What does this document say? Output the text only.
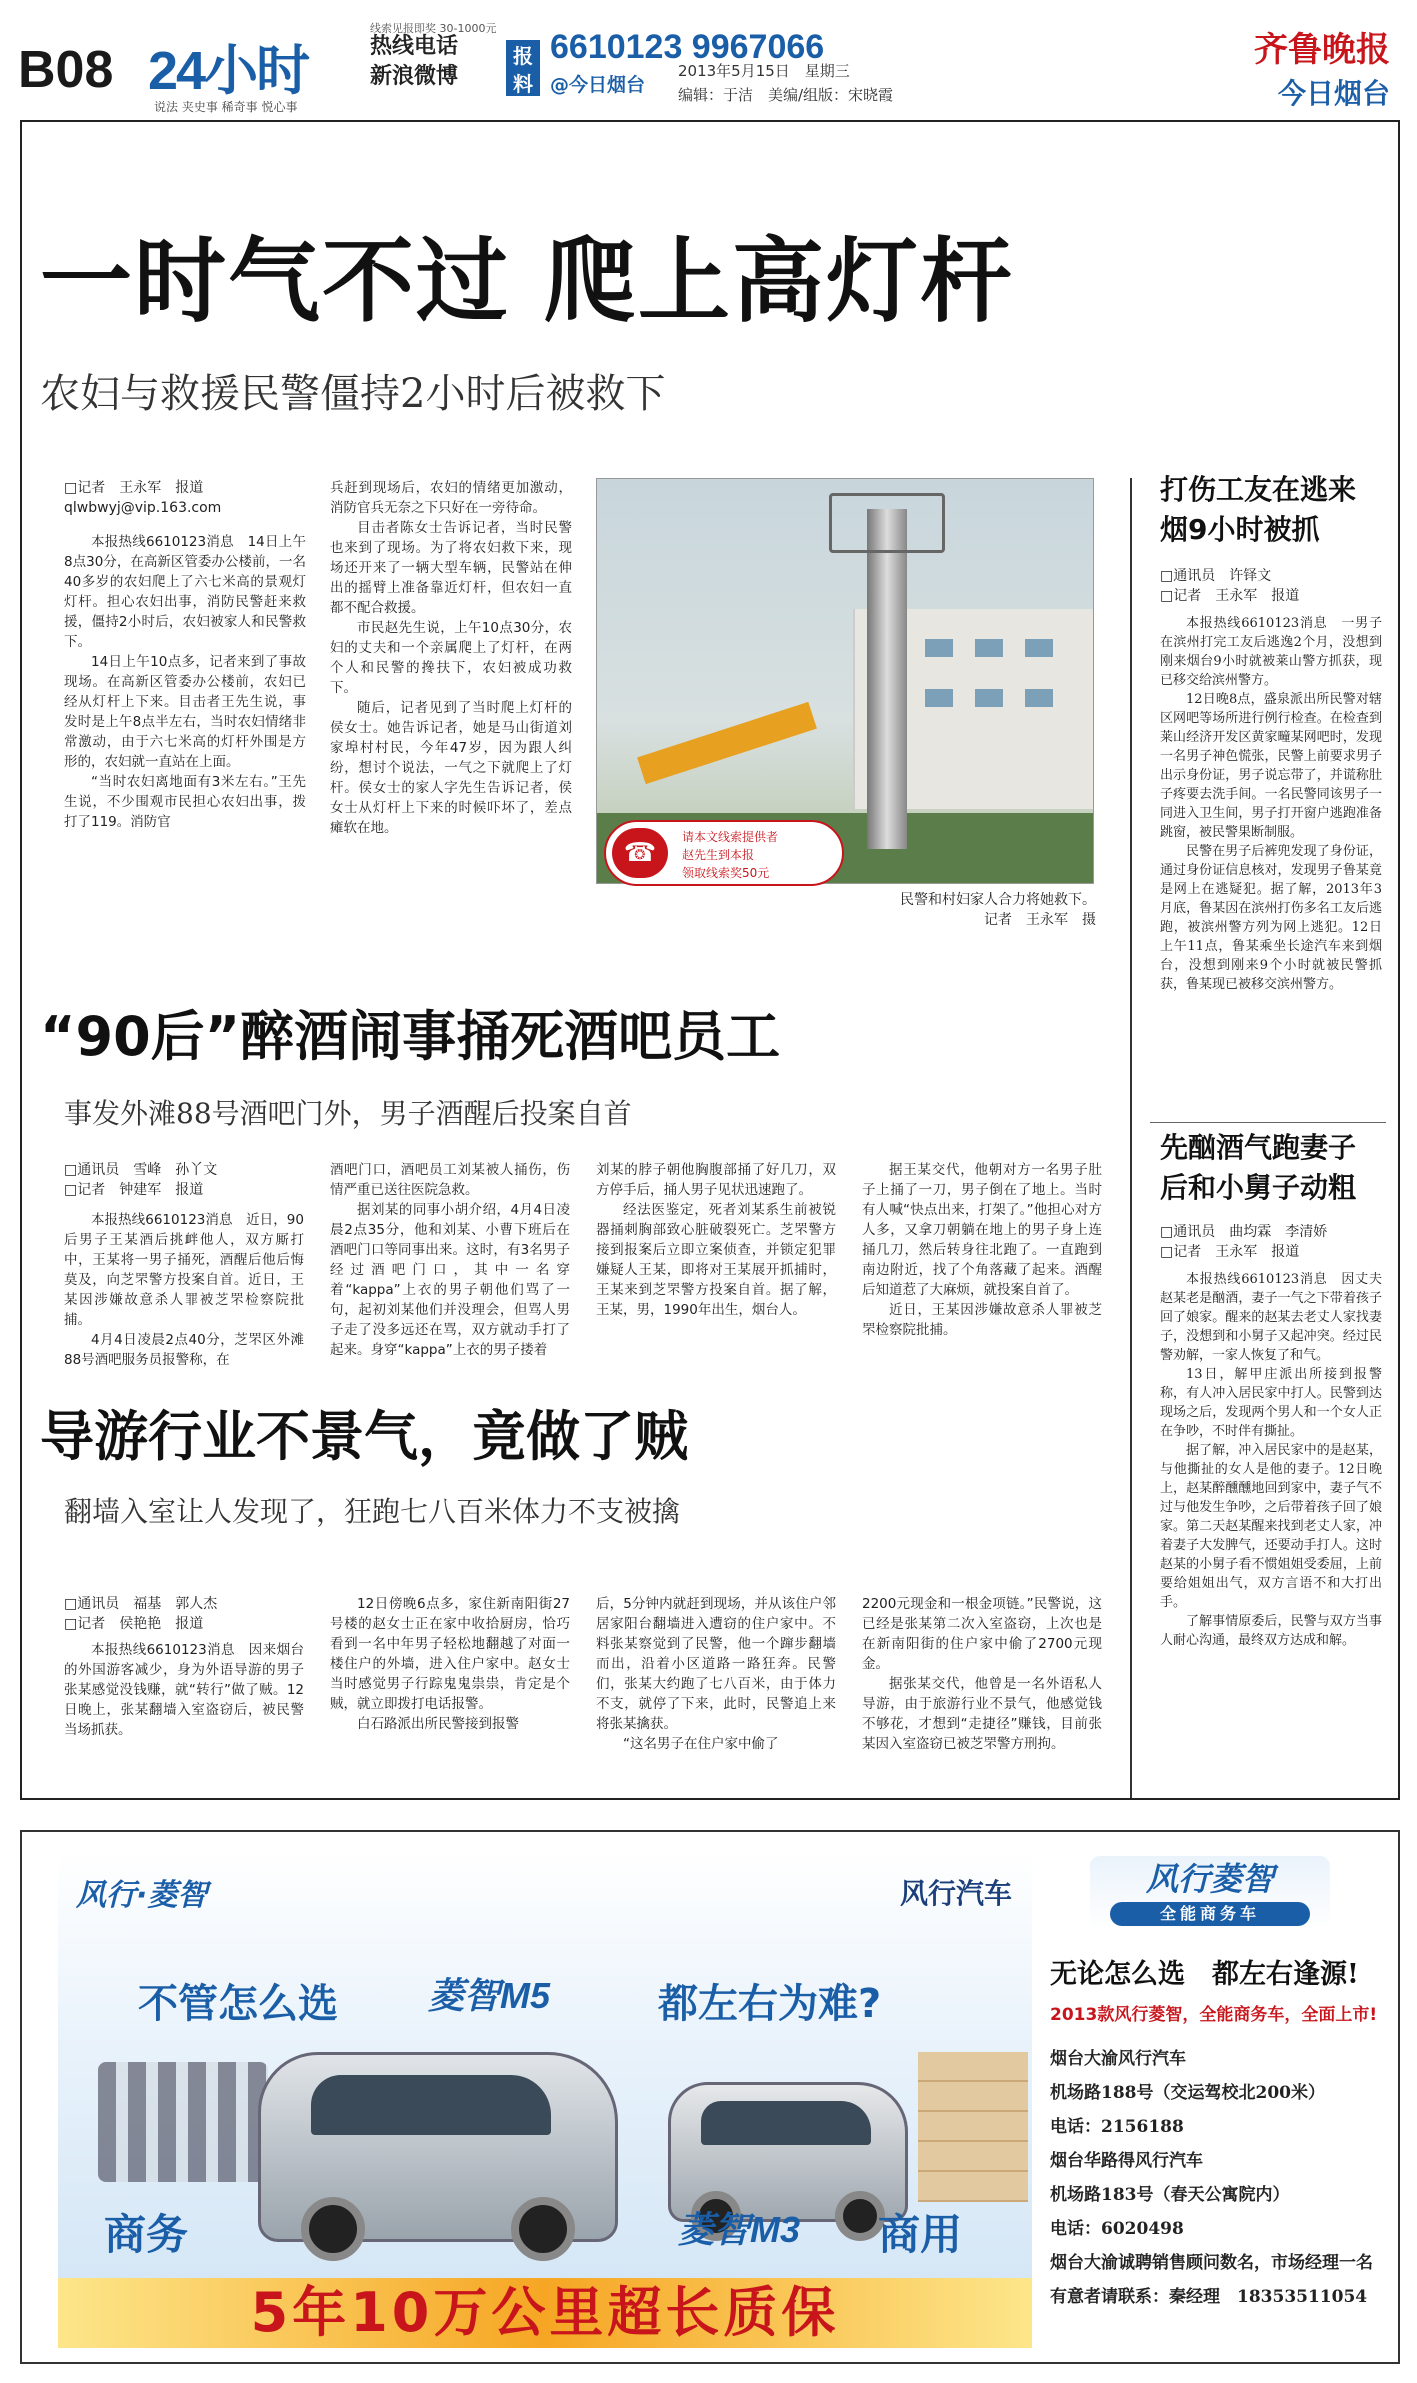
B08 24小时
说法 夹史事 稀奇事 悦心事
线索见报即奖 30-1000元
热线电话
新浪微博
报料
6610123 9967066
@今日烟台
2013年5月15日　星期三
编辑：于洁　美编/组版：宋晓霞
齐鲁晚报
今日烟台
一时气不过 爬上高灯杆
农妇与救援民警僵持2小时后被救下
□记者　王永军　报道
qlwbwyj@vip.163.com

本报热线6610123消息　14日上午8点30分，在高新区管委办公楼前，一名40多岁的农妇爬上了六七米高的景观灯灯杆。担心农妇出事，消防民警赶来救援，僵持2小时后，农妇被家人和民警救下。

14日上午10点多，记者来到了事故现场。在高新区管委办公楼前，农妇已经从灯杆上下来。目击者王先生说，事发时是上午8点半左右，当时农妇情绪非常激动，由于六七米高的灯杆外围是方形的，农妇就一直站在上面。

“当时农妇离地面有3米左右。”王先生说，不少围观市民担心农妇出事，拨打了119。消防官

兵赶到现场后，农妇的情绪更加激动，消防官兵无奈之下只好在一旁待命。

目击者陈女士告诉记者，当时民警也来到了现场。为了将农妇救下来，现场还开来了一辆大型车辆，民警站在伸出的摇臂上准备靠近灯杆，但农妇一直都不配合救援。

市民赵先生说，上午10点30分，农妇的丈夫和一个亲属爬上了灯杆，在两个人和民警的搀扶下，农妇被成功救下。

随后，记者见到了当时爬上灯杆的侯女士。她告诉记者，她是马山街道刘家埠村村民，今年47岁，因为跟人纠纷，想讨个说法，一气之下就爬上了灯杆。侯女士的家人字先生告诉记者，侯女士从灯杆上下来的时候吓坏了，差点瘫软在地。

☎
请本文线索提供者
赵先生到本报
领取线索奖50元
民警和村妇家人合力将她救下。
记者　王永军　摄
“90后”醉酒闹事捅死酒吧员工
事发外滩88号酒吧门外，男子酒醒后投案自首
□通讯员　雪峰　孙丫文
□记者　钟建军　报道

本报热线6610123消息　近日，90后男子王某酒后挑衅他人，双方厮打中，王某将一男子捅死，酒醒后他后悔莫及，向芝罘警方投案自首。近日，王某因涉嫌故意杀人罪被芝罘检察院批捕。

4月4日凌晨2点40分，芝罘区外滩88号酒吧服务员报警称，在

酒吧门口，酒吧员工刘某被人捅伤，伤情严重已送往医院急救。

据刘某的同事小胡介绍，4月4日凌晨2点35分，他和刘某、小曹下班后在酒吧门口等同事出来。这时，有3名男子经过酒吧门口，其中一名穿着“kappa”上衣的男子朝他们骂了一句，起初刘某他们并没理会，但骂人男子走了没多远还在骂，双方就动手打了起来。身穿“kappa”上衣的男子搂着

刘某的脖子朝他胸腹部捅了好几刀，双方停手后，捅人男子见状迅速跑了。

经法医鉴定，死者刘某系生前被锐器捅刺胸部致心脏破裂死亡。芝罘警方接到报案后立即立案侦查，并锁定犯罪嫌疑人王某，即将对王某展开抓捕时，王某来到芝罘警方投案自首。据了解，王某，男，1990年出生，烟台人。

据王某交代，他朝对方一名男子肚子上捅了一刀，男子倒在了地上。当时有人喊“快点出来，打架了。”他担心对方人多，又拿刀朝躺在地上的男子身上连捅几刀，然后转身往北跑了。一直跑到南边附近，找了个角落藏了起来。酒醒后知道惹了大麻烦，就投案自首了。

近日，王某因涉嫌故意杀人罪被芝罘检察院批捕。

导游行业不景气，竟做了贼
翻墙入室让人发现了，狂跑七八百米体力不支被擒
□通讯员　福基　郭人杰
□记者　侯艳艳　报道

本报热线6610123消息　因来烟台的外国游客减少，身为外语导游的男子张某感觉没钱赚，就“转行”做了贼。12日晚上，张某翻墙入室盗窃后，被民警当场抓获。

12日傍晚6点多，家住新南阳街27号楼的赵女士正在家中收拾厨房，恰巧看到一名中年男子轻松地翻越了对面一楼住户的外墙，进入住户家中。赵女士当时感觉男子行踪鬼鬼祟祟，肯定是个贼，就立即拨打电话报警。

白石路派出所民警接到报警

后，5分钟内就赶到现场，并从该住户邻居家阳台翻墙进入遭窃的住户家中。不料张某察觉到了民警，他一个蹿步翻墙而出，沿着小区道路一路狂奔。民警们，张某大约跑了七八百米，由于体力不支，就停了下来，此时，民警追上来将张某擒获。

“这名男子在住户家中偷了

2200元现金和一根金项链。”民警说，这已经是张某第二次入室盗窃，上次也是在新南阳街的住户家中偷了2700元现金。

据张某交代，他曾是一名外语私人导游，由于旅游行业不景气，他感觉钱不够花，才想到“走捷径”赚钱，目前张某因入室盗窃已被芝罘警方刑拘。

打伤工友在逃来烟9小时被抓
□通讯员　许铎文
□记者　王永军　报道

本报热线6610123消息　一男子在滨州打完工友后逃逸2个月，没想到刚来烟台9小时就被莱山警方抓获，现已移交给滨州警方。

12日晚8点，盛泉派出所民警对辖区网吧等场所进行例行检查。在检查到莱山经济开发区黄家疃某网吧时，发现一名男子神色慌张，民警上前要求男子出示身份证，男子说忘带了，并谎称肚子疼要去洗手间。一名民警同该男子一同进入卫生间，男子打开窗户逃跑准备跳窗，被民警果断制服。

民警在男子后裤兜发现了身份证，通过身份证信息核对，发现男子鲁某竟是网上在逃疑犯。据了解，2013年3月底，鲁某因在滨州打伤多名工友后逃跑，被滨州警方列为网上逃犯。12日上午11点，鲁某乘坐长途汽车来到烟台，没想到刚来9个小时就被民警抓获，鲁某现已被移交滨州警方。

先酗酒气跑妻子后和小舅子动粗
□通讯员　曲均霖　李清娇
□记者　王永军　报道

本报热线6610123消息　因丈夫赵某老是酗酒，妻子一气之下带着孩子回了娘家。醒来的赵某去老丈人家找妻子，没想到和小舅子又起冲突。经过民警劝解，一家人恢复了和气。

13日，解甲庄派出所接到报警称，有人冲入居民家中打人。民警到达现场之后，发现两个男人和一个女人正在争吵，不时伴有撕扯。

据了解，冲入居民家中的是赵某，与他撕扯的女人是他的妻子。12日晚上，赵某醉醺醺地回到家中，妻子气不过与他发生争吵，之后带着孩子回了娘家。第二天赵某醒来找到老丈人家，冲着妻子大发脾气，还要动手打人。这时赵某的小舅子看不惯姐姐受委屈，上前要给姐姐出气，双方言语不和大打出手。

了解事情原委后，民警与双方当事人耐心沟通，最终双方达成和解。

风行·菱智	风行汽车
不管怎么选	菱智M5	都左右为难?
商务	菱智M3 商用
5年10万公里超长质保
风行菱智
全能商务车
无论怎么选　都左右逢源!
2013款风行菱智，全能商务车，全面上市!
烟台大渝风行汽车
机场路188号（交运驾校北200米）
电话：2156188
烟台华路得风行汽车
机场路183号（春天公寓院内）
电话：6020498
烟台大渝诚聘销售顾问数名，市场经理一名
有意者请联系：秦经理　18353511054
